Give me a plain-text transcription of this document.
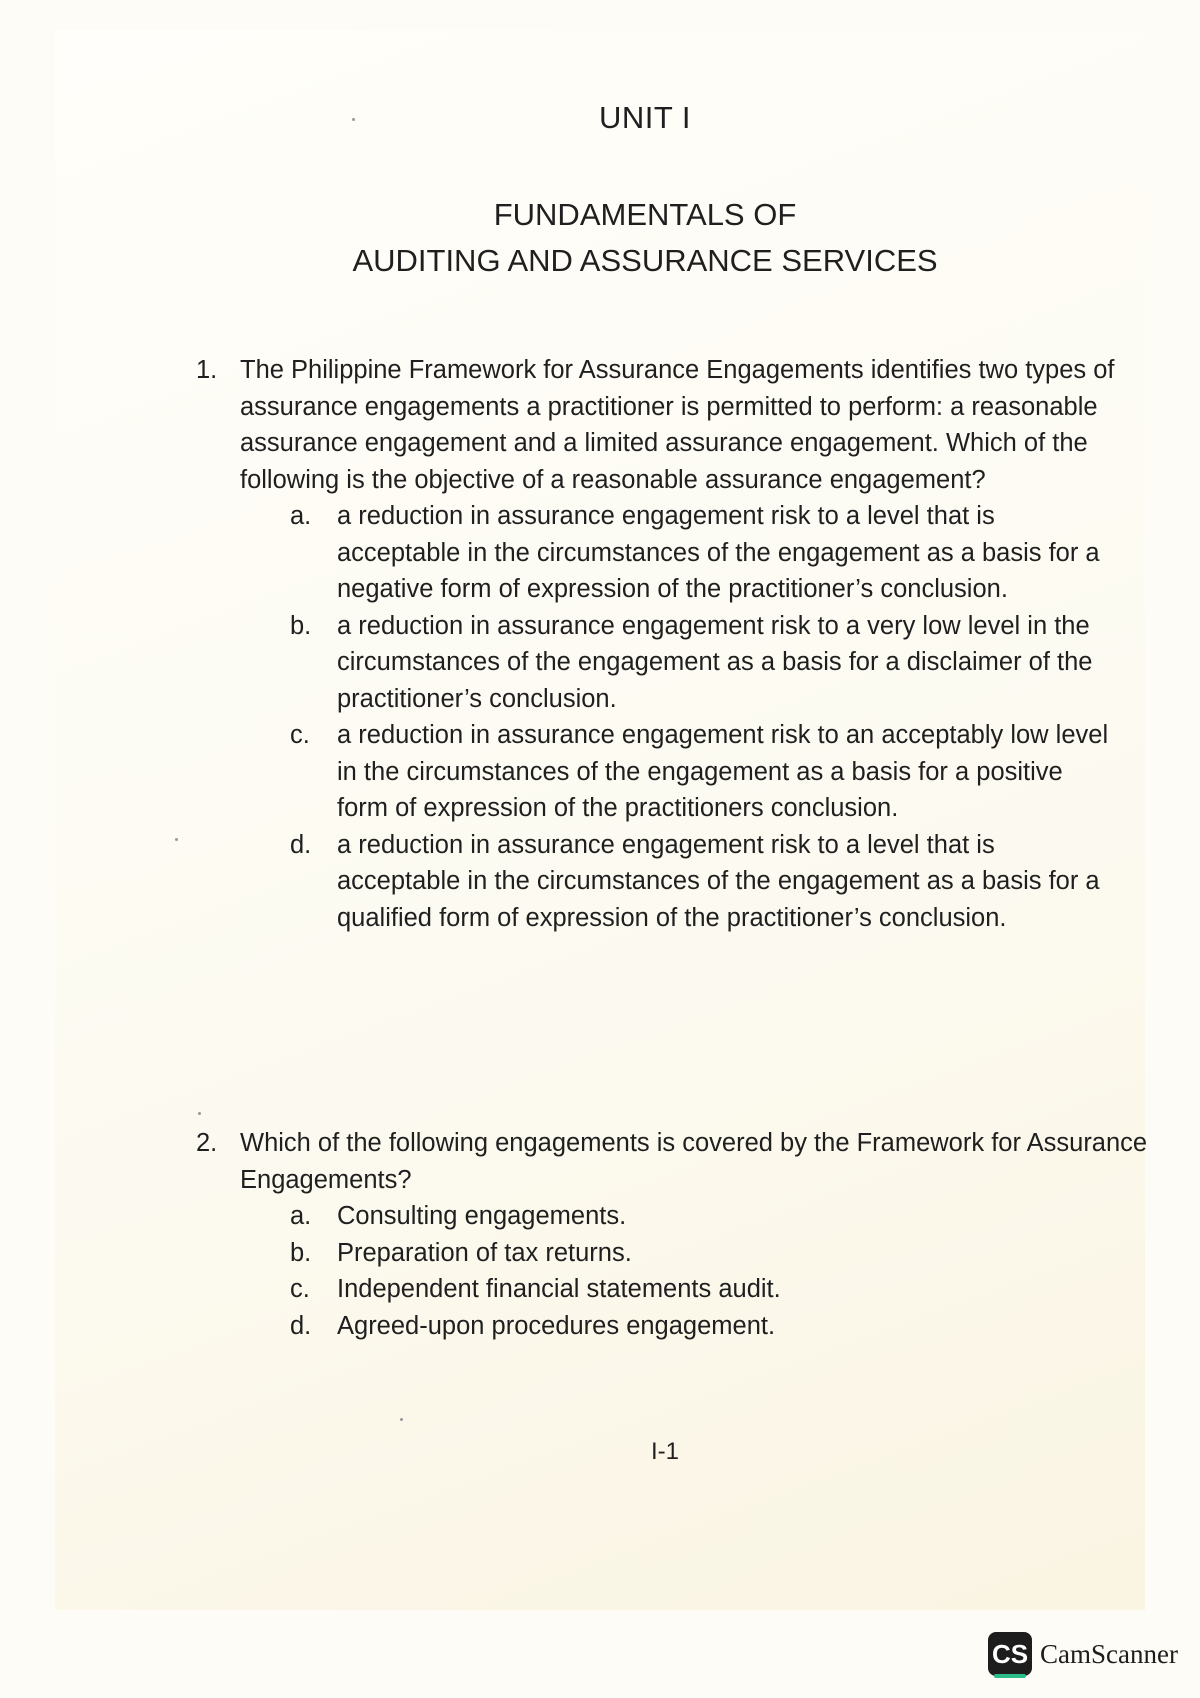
UNIT I
FUNDAMENTALS OF
AUDITING AND ASSURANCE SERVICES
1. The Philippine Framework for Assurance Engagements identifies two types of assurance engagements a practitioner is permitted to perform: a reasonable assurance engagement and a limited assurance engagement. Which of the following is the objective of a reasonable assurance engagement?
a.	a reduction in assurance engagement risk to a level that is acceptable in the circumstances of the engagement as a basis for a negative form of expression of the practitioner’s conclusion.
b.	a reduction in assurance engagement risk to a very low level in the circumstances of the engagement as a basis for a disclaimer of the practitioner’s conclusion.
c.	a reduction in assurance engagement risk to an acceptably low level in the circumstances of the engagement as a basis for a positive form of expression of the practitioners conclusion.
d.	a reduction in assurance engagement risk to a level that is acceptable in the circumstances of the engagement as a basis for a qualified form of expression of the practitioner’s conclusion.
2. Which of the following engagements is covered by the Framework for Assurance Engagements?
a.	Consulting engagements.
b.	Preparation of tax returns.
c.	Independent financial statements audit.
d.	Agreed-upon procedures engagement.
I-1
CS CamScanner
